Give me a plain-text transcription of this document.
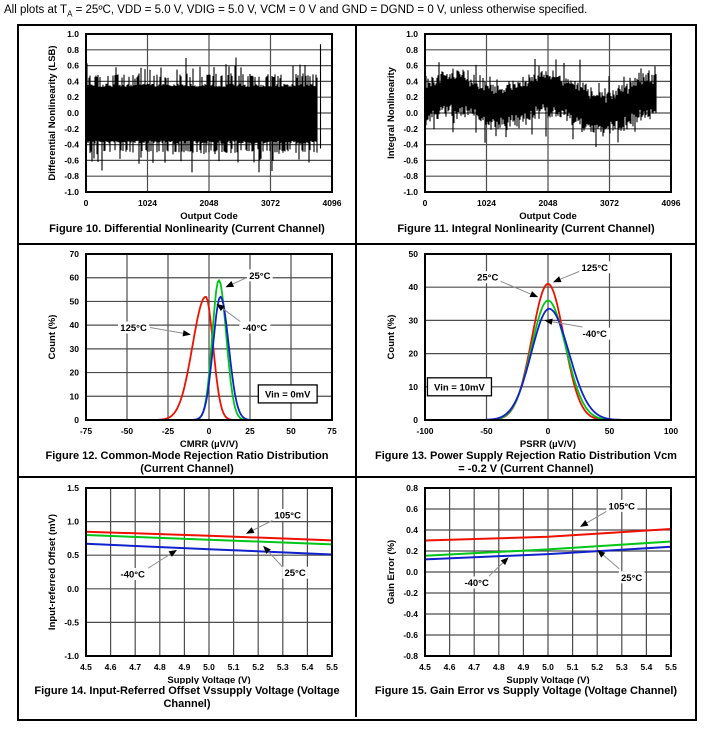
All plots at $T_A$ = 25ºC, VDD = 5.0 V, VDIG = 5.0 V, VCM = 0 V and GND = DGND = 0 V, unless otherwise specified.
0	1024	2048	3072	4096
1.0
0.8
0.6
0.4
0.2
0.0
-0.2
-0.4
-0.6
-0.8
-1.0
Output Code
Differential Nonlinearity (LSB)
Figure 10. Differential Nonlinearity (Current Channel)
0	1024	2048	3072	4096
1.0
0.8
0.6
0.4
0.2
0.0
-0.2
-0.4
-0.6
-0.8
-1.0
Output Code
Integral Nonlinearity
Figure 11. Integral Nonlinearity (Current Channel)
-75	-50	-25	0	25	50	75
70
60
50
40
30
20
10
0
CMRR (µV/V)
Count (%)	125°C
25°C
-40°C
Vin = 0mV
Figure 12. Common-Mode Rejection Ratio Distribution (Current Channel)
-100	-50	0	50	100
50
40
30
20
10
0
PSRR (µV/V)
Count (%)
125°C
25°C
-40°C
Vin = 10mV
Figure 13. Power Supply Rejection Ratio Distribution Vcm = -0.2 V (Current Channel)
4.5 4.6 4.7 4.8 4.9 5.0 5.1 5.2 5.3 5.4 5.5
1.5
1.0
0.5
0.0
-0.5
-1.0
Supply Voltage (V)
Input-referred Offset (mV)	105°C
-40°C	25°C
Figure 14. Input-Referred Offset Vssupply Voltage (Voltage Channel)
4.5 4.6 4.7 4.8 4.9 5.0 5.1 5.2 5.3 5.4 5.5
0.8
0.6
0.4
0.2
0.0
-0.2
-0.4
-0.6
-0.8
Supply Voltage (V)
Gain Error (%)
105°C
-40°C	25°C
Figure 15. Gain Error vs Supply Voltage (Voltage Channel)
